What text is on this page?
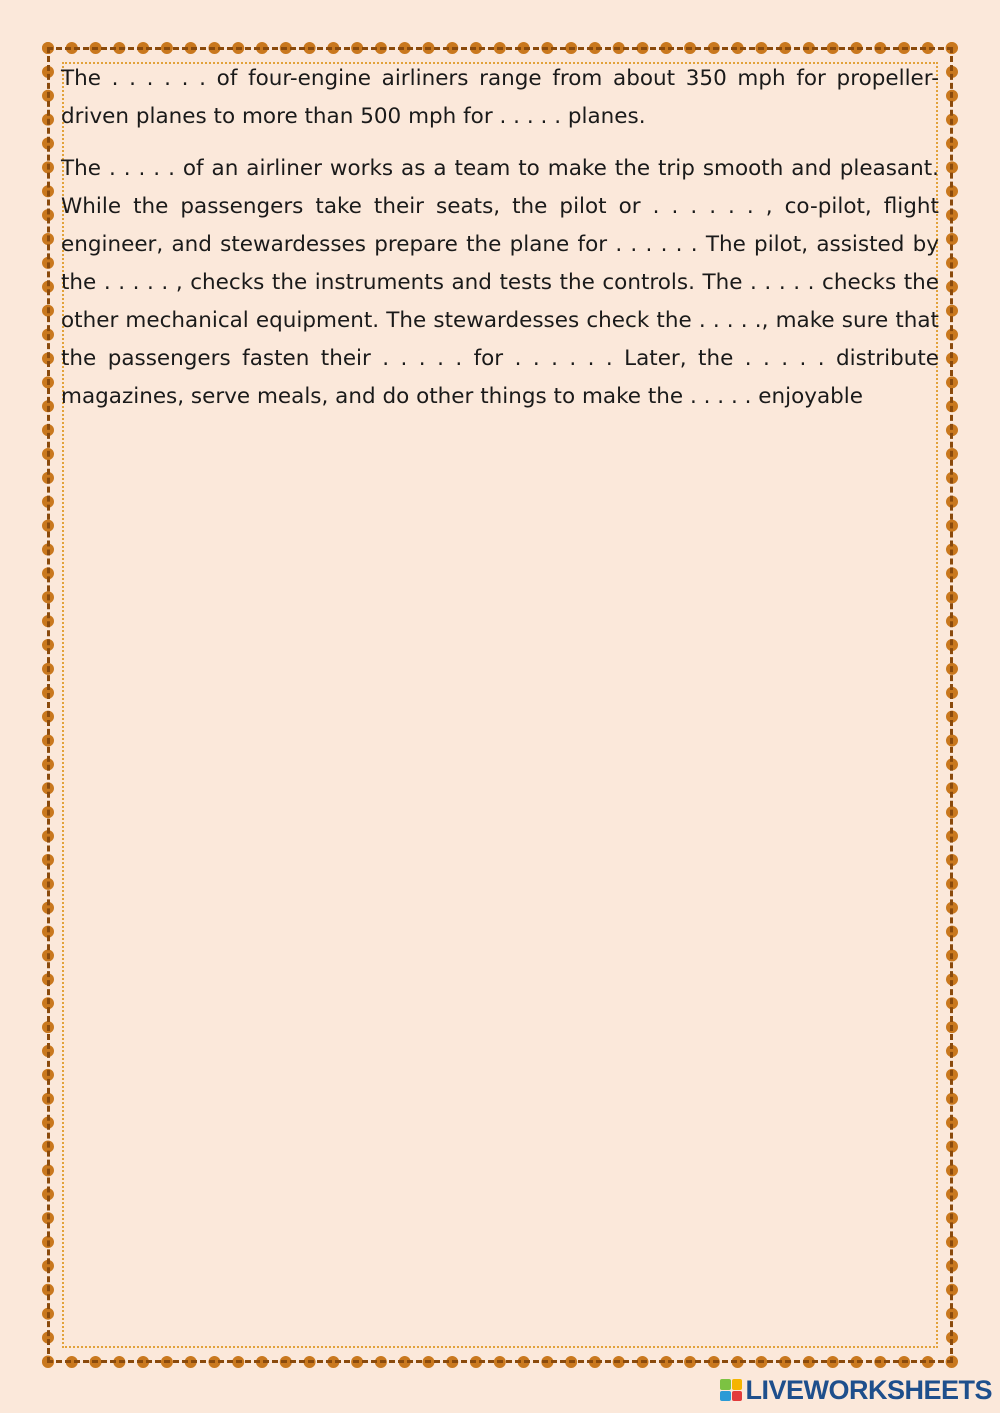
The . . . . . . of four-engine airliners range from about 350 mph for propeller-driven planes to more than 500 mph for . . . . . planes.

The . . . . . of an airliner works as a team to make the trip smooth and pleasant. While the passengers take their seats, the pilot or . . . . . . , co-pilot, flight engineer, and stewardesses prepare the plane for . . . . . . The pilot, assisted by the . . . . . , checks the instruments and tests the controls. The . . . . . checks the other mechanical equipment. The stewardesses check the . . . . ., make sure that the passengers fasten their . . . . . for . . . . . . Later, the . . . . . distribute magazines, serve meals, and do other things to make the . . . . . enjoyable

LIVEWORKSHEETS
